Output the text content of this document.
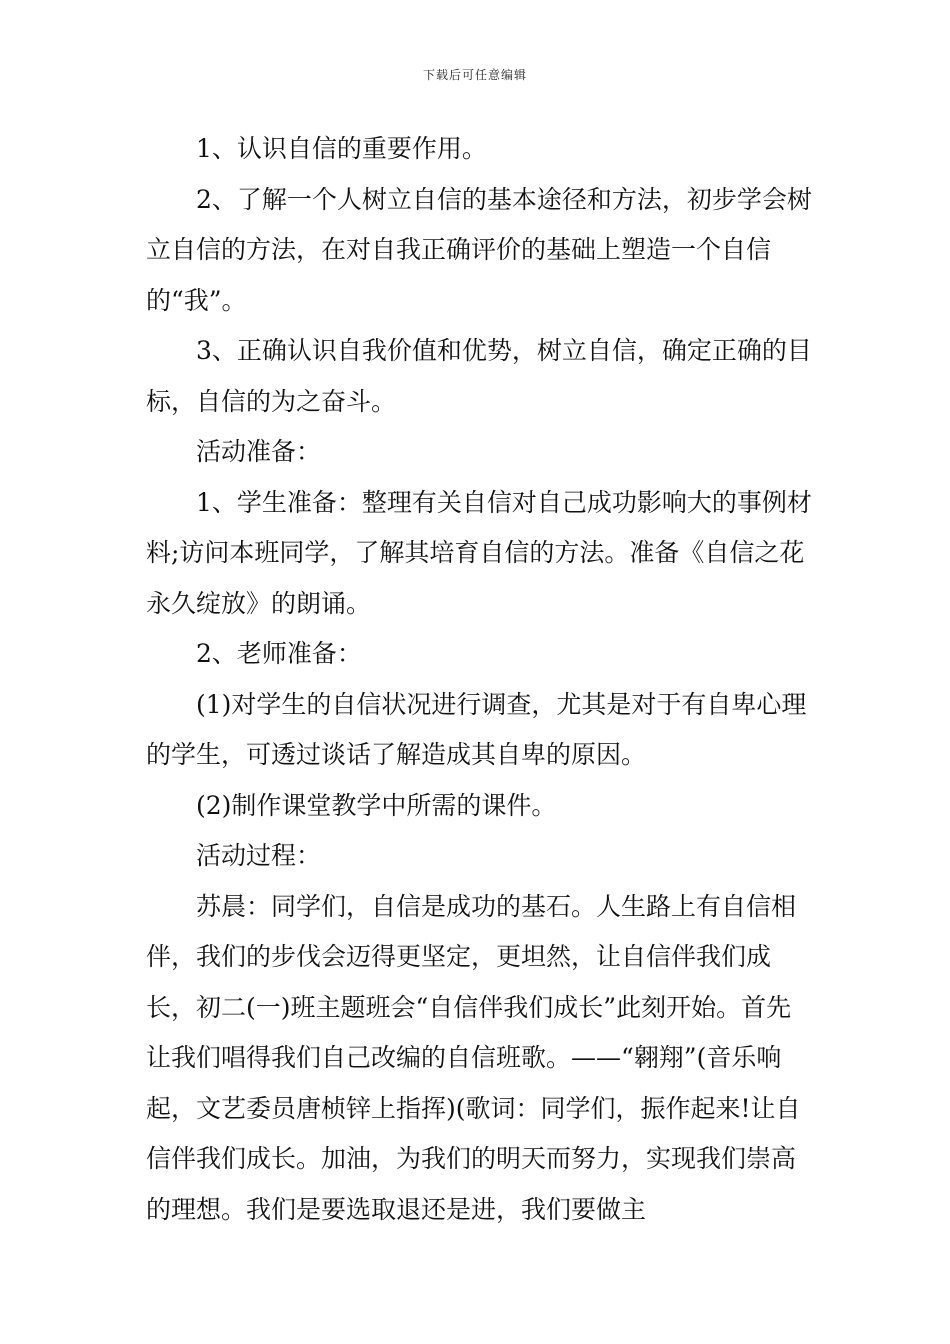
下载后可任意编辑

1、认识自信的重要作用。

2、了解一个人树立自信的基本途径和方法，初步学会树立自信的方法，在对自我正确评价的基础上塑造一个自信的“我”。

3、正确认识自我价值和优势，树立自信，确定正确的目标，自信的为之奋斗。

活动准备：

1、学生准备：整理有关自信对自己成功影响大的事例材料;访问本班同学，了解其培育自信的方法。准备《自信之花永久绽放》的朗诵。

2、老师准备：

(1)对学生的自信状况进行调查，尤其是对于有自卑心理的学生，可透过谈话了解造成其自卑的原因。

(2)制作课堂教学中所需的课件。

活动过程：

苏晨：同学们，自信是成功的基石。人生路上有自信相伴，我们的步伐会迈得更坚定，更坦然，让自信伴我们成长，初二(一)班主题班会“自信伴我们成长”此刻开始。首先让我们唱得我们自己改编的自信班歌。——“翱翔”(音乐响起，文艺委员唐桢锌上指挥)(歌词：同学们，振作起来!让自信伴我们成长。加油，为我们的明天而努力，实现我们崇高的理想。我们是要选取退还是进，我们要做主
